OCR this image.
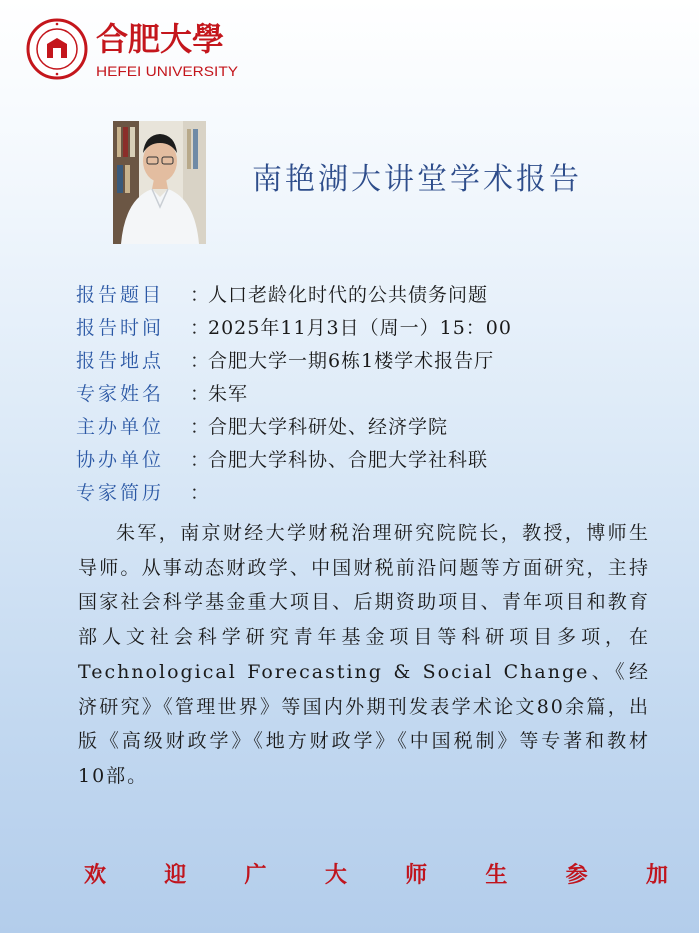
合肥大學
HEFEI UNIVERSITY
南艳湖大讲堂学术报告
报告题目 ：人口老龄化时代的公共债务问题
报告时间 ：2025年11月3日（周一）15：00
报告地点 ：合肥大学一期6栋1楼学术报告厅
专家姓名 ：朱军
主办单位 ：合肥大学科研处、经济学院
协办单位 ：合肥大学科协、合肥大学社科联
专家简历 ：
朱军，南京财经大学财税治理研究院院长，教授，博师生导师。从事动态财政学、中国财税前沿问题等方面研究，主持国家社会科学基金重大项目、后期资助项目、青年项目和教育部人文社会科学研究青年基金项目等科研项目多项，在Technological Forecasting & Social Change、《经济研究》《管理世界》等国内外期刊发表学术论文80余篇，出版《高级财政学》《地方财政学》《中国税制》等专著和教材10部。
欢	迎	广	大	师	生	参	加
